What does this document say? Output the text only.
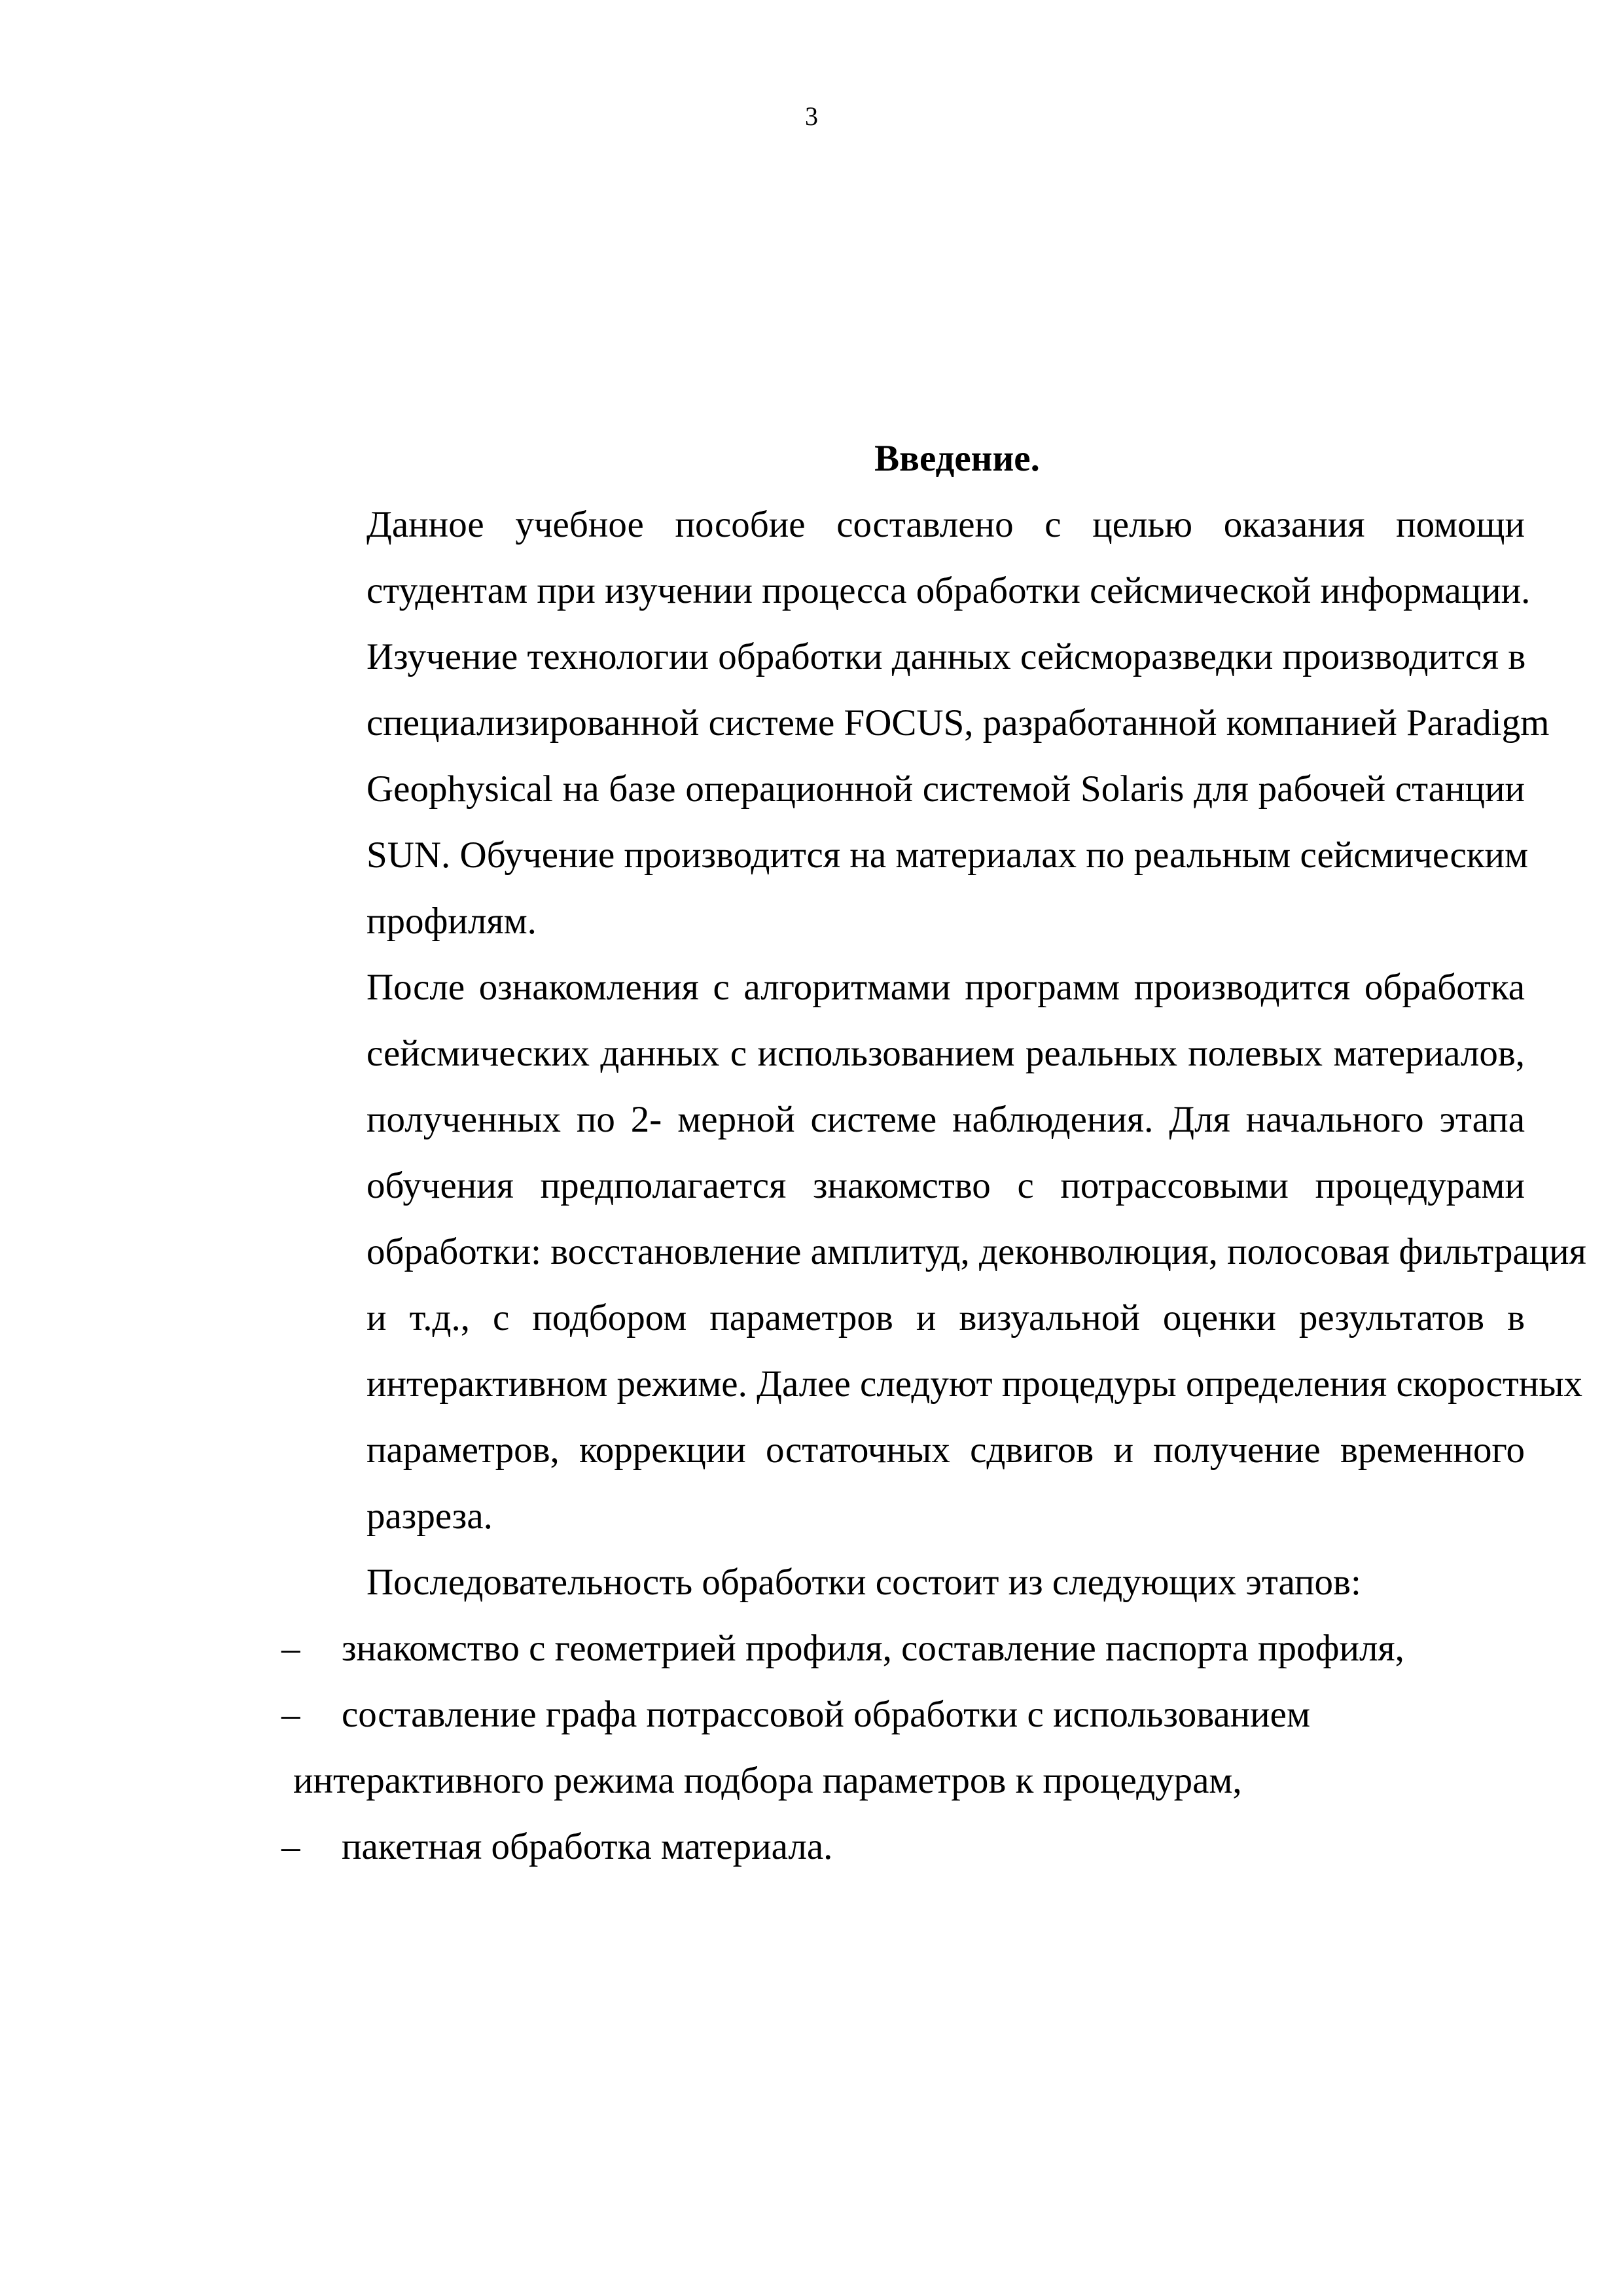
3
Введение.
Данное учебное пособие составлено с целью оказания помощи
студентам при изучении процесса обработки сейсмической информации.
Изучение технологии обработки данных сейсморазведки производится в
специализированной системе FOCUS, разработанной компанией Paradigm
Geophysical на базе операционной системой Solaris для рабочей станции
SUN. Обучение производится на материалах по реальным сейсмическим
профилям.
После ознакомления с алгоритмами программ производится обработка
сейсмических данных с использованием реальных полевых материалов,
полученных по 2- мерной системе наблюдения. Для начального этапа
обучения предполагается знакомство с потрассовыми процедурами
обработки: восстановление амплитуд, деконволюция, полосовая фильтрация
и т.д., с подбором параметров и визуальной оценки результатов в
интерактивном режиме. Далее следуют процедуры определения скоростных
параметров, коррекции остаточных сдвигов и получение временного
разреза.
Последовательность обработки состоит из следующих этапов:
–	знакомство с геометрией профиля, составление паспорта профиля,
–	составление графа потрассовой обработки с использованием
интерактивного режима подбора параметров к процедурам,
–	пакетная обработка материала.
